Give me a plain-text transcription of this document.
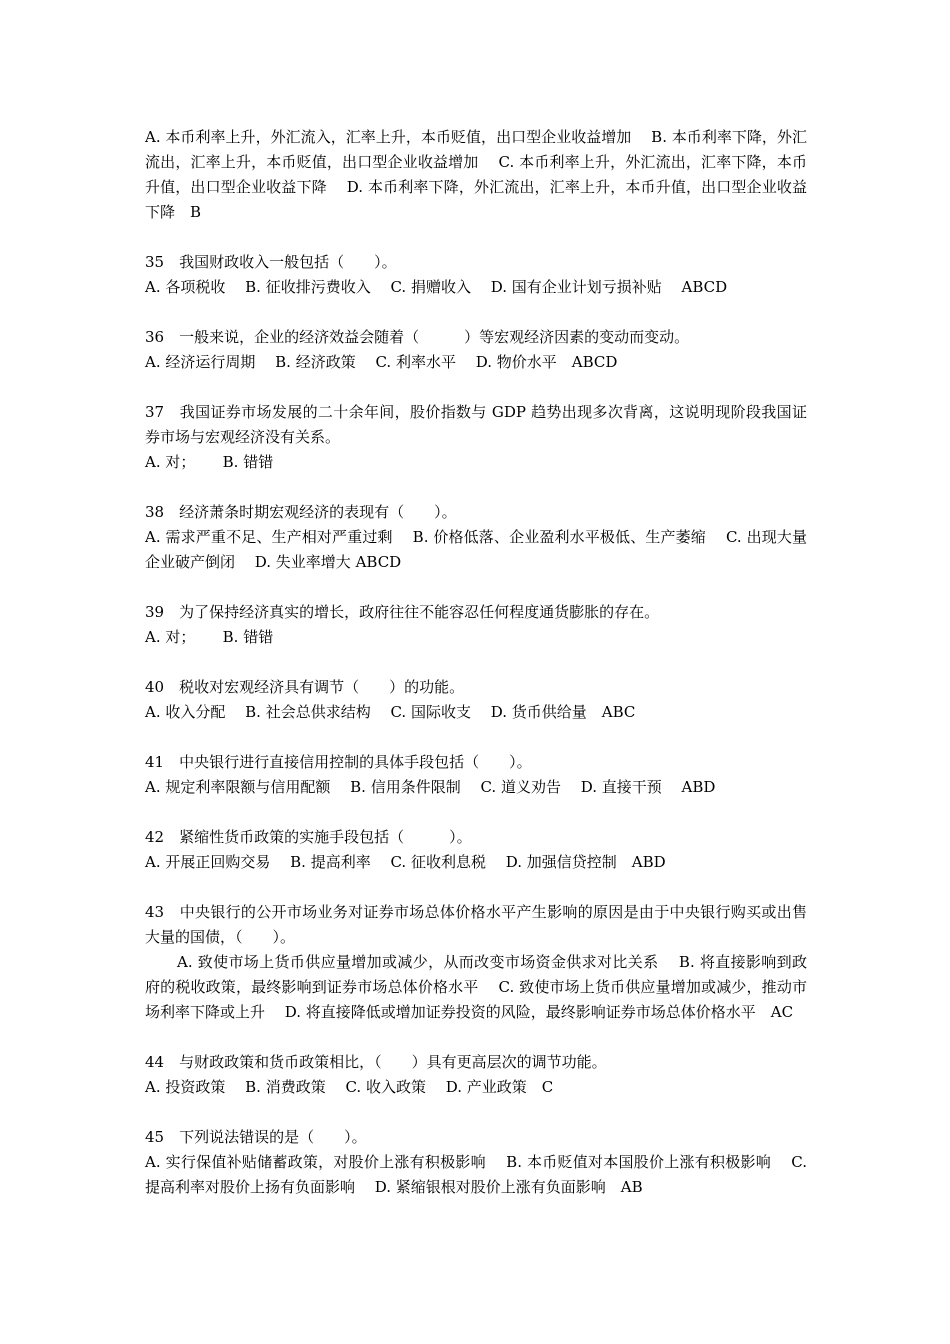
A. 本币利率上升，外汇流入，汇率上升，本币贬值，出口型企业收益增加　 B. 本币利率下降，外汇流出，汇率上升，本币贬值，出口型企业收益增加　 C. 本币利率上升，外汇流出，汇率下降，本币升值，出口型企业收益下降　 D. 本币利率下降，外汇流出，汇率上升，本币升值，出口型企业收益下降　B

35　我国财政收入一般包括（　　）。

A. 各项税收　 B. 征收排污费收入　 C. 捐赠收入　 D. 国有企业计划亏损补贴　 ABCD

36　一般来说，企业的经济效益会随着（　　　）等宏观经济因素的变动而变动。

A. 经济运行周期　 B. 经济政策　 C. 利率水平　 D. 物价水平　ABCD

37　我国证券市场发展的二十余年间，股价指数与 GDP 趋势出现多次背离，这说明现阶段我国证券市场与宏观经济没有关系。

A. 对；　　 B. 错错

38　经济萧条时期宏观经济的表现有（　　）。

A. 需求严重不足、生产相对严重过剩　 B. 价格低落、企业盈利水平极低、生产萎缩　 C. 出现大量企业破产倒闭　 D. 失业率增大 ABCD

39　为了保持经济真实的增长，政府往往不能容忍任何程度通货膨胀的存在。

A. 对；　　 B. 错错

40　税收对宏观经济具有调节（　　）的功能。

A. 收入分配　 B. 社会总供求结构　 C. 国际收支　 D. 货币供给量　ABC

41　中央银行进行直接信用控制的具体手段包括（　　）。

A. 规定利率限额与信用配额　 B. 信用条件限制　 C. 道义劝告　 D. 直接干预　 ABD

42　紧缩性货币政策的实施手段包括（　　　）。

A. 开展正回购交易　 B. 提高利率　 C. 征收利息税　 D. 加强信贷控制　ABD

43　中央银行的公开市场业务对证券市场总体价格水平产生影响的原因是由于中央银行购买或出售大量的国债，（　　）。

A. 致使市场上货币供应量增加或减少，从而改变市场资金供求对比关系　 B. 将直接影响到政府的税收政策，最终影响到证券市场总体价格水平　 C. 致使市场上货币供应量增加或减少，推动市场利率下降或上升　 D. 将直接降低或增加证券投资的风险，最终影响证券市场总体价格水平　AC

44　与财政政策和货币政策相比，（　　）具有更高层次的调节功能。

A. 投资政策　 B. 消费政策　 C. 收入政策　 D. 产业政策　C

45　下列说法错误的是（　　）。

A. 实行保值补贴储蓄政策，对股价上涨有积极影响　 B. 本币贬值对本国股价上涨有积极影响　 C. 提高利率对股价上扬有负面影响　 D. 紧缩银根对股价上涨有负面影响　AB
